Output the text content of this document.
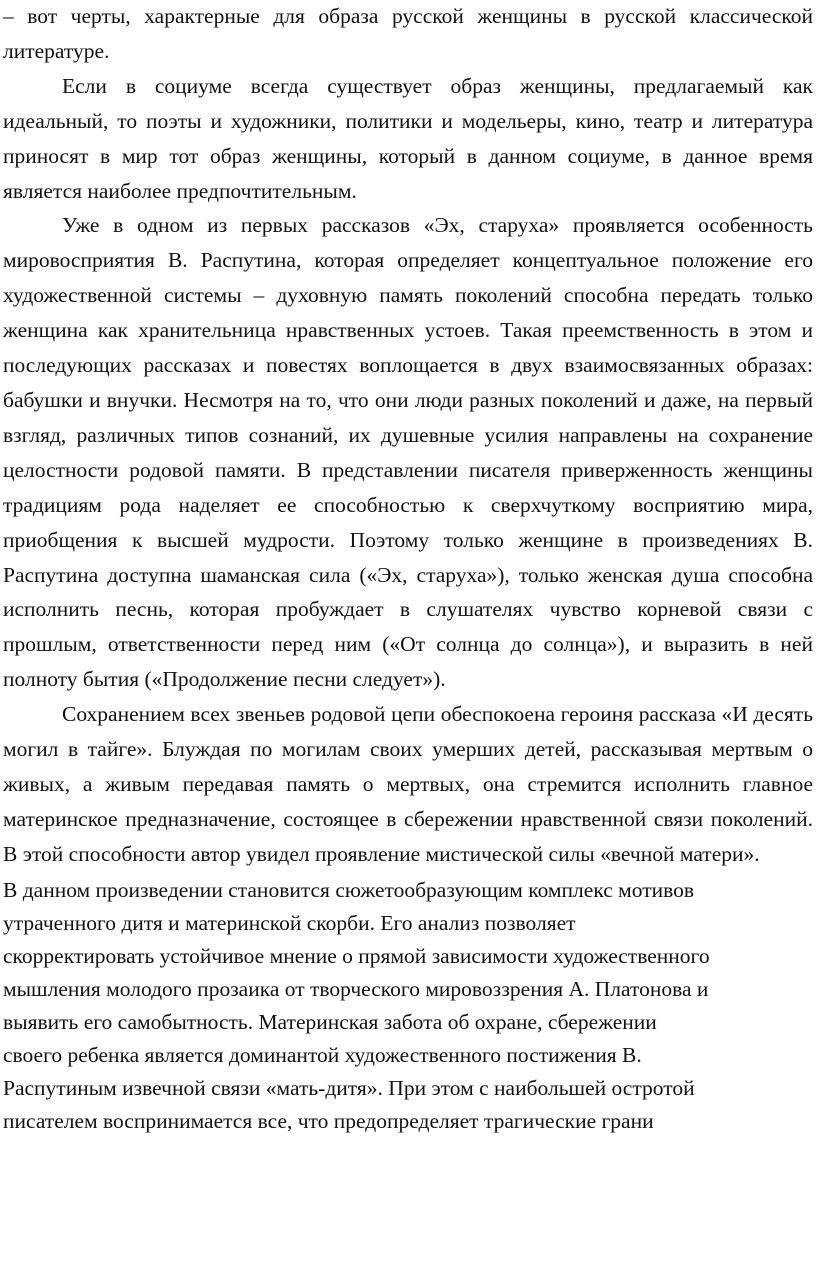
– вот черты, характерные для образа русской женщины в русской классической литературе.

Если в социуме всегда существует образ женщины, предлагаемый как идеальный, то поэты и художники, политики и модельеры, кино, театр и литература приносят в мир тот образ женщины, который в данном социуме, в данное время является наиболее предпочтительным.

Уже в одном из первых рассказов «Эх, старуха» проявляется особенность мировосприятия В. Распутина, которая определяет концептуальное положение его художественной системы – духовную память поколений способна передать только женщина как хранительница нравственных устоев. Такая преемственность в этом и последующих рассказах и повестях воплощается в двух взаимосвязанных образах: бабушки и внучки. Несмотря на то, что они люди разных поколений и даже, на первый взгляд, различных типов сознаний, их душевные усилия направлены на сохранение целостности родовой памяти. В представлении писателя приверженность женщины традициям рода наделяет ее способностью к сверхчуткому восприятию мира, приобщения к высшей мудрости. Поэтому только женщине в произведениях В. Распутина доступна шаманская сила («Эх, старуха»), только женская душа способна исполнить песнь, которая пробуждает в слушателях чувство корневой связи с прошлым, ответственности перед ним («От солнца до солнца»), и выразить в ней полноту бытия («Продолжение песни следует»).

Сохранением всех звеньев родовой цепи обеспокоена героиня рассказа «И десять могил в тайге». Блуждая по могилам своих умерших детей, рассказывая мертвым о живых, а живым передавая память о мертвых, она стремится исполнить главное материнское предназначение, состоящее в сбережении нравственной связи поколений. В этой способности автор увидел проявление мистической силы «вечной матери».

В данном произведении становится сюжетообразующим комплекс мотивов
утраченного дитя и материнской скорби. Его анализ позволяет
скорректировать устойчивое мнение о прямой зависимости художественного
мышления молодого прозаика от творческого мировоззрения А. Платонова и
выявить его самобытность. Материнская забота об охране, сбережении
своего ребенка является доминантой художественного постижения В.
Распутиным извечной связи «мать-дитя». При этом с наибольшей остротой
писателем воспринимается все, что предопределяет трагические грани
